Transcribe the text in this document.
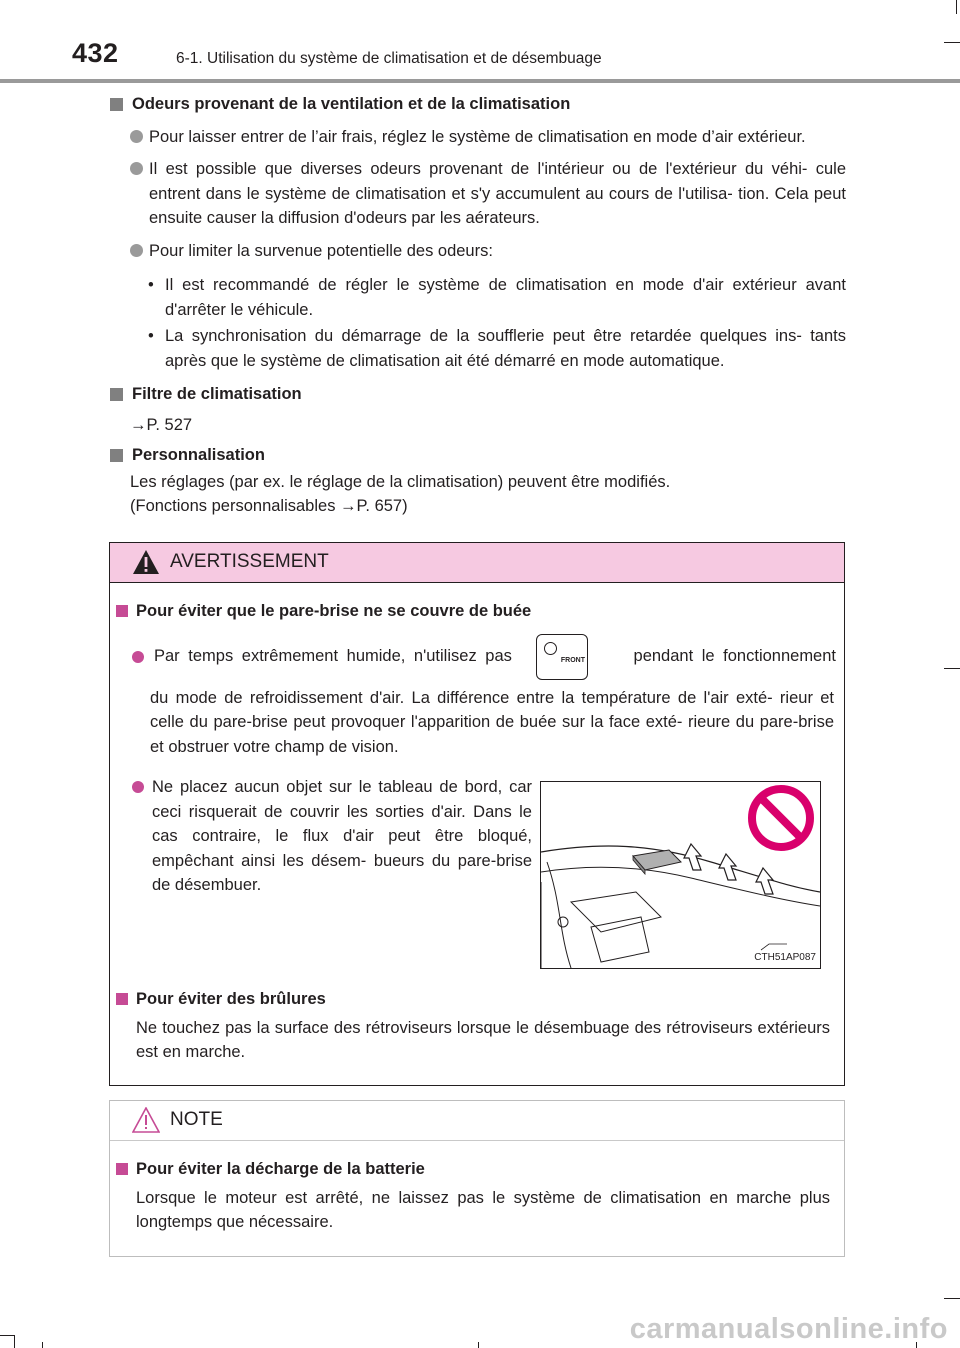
432	6-1. Utilisation du système de climatisation et de désembuage
Odeurs provenant de la ventilation et de la climatisation
Pour laisser entrer de l’air frais, réglez le système de climatisation en mode d’air extérieur.
Il est possible que diverses odeurs provenant de l'intérieur ou de l'extérieur du véhi- cule entrent dans le système de climatisation et s'y accumulent au cours de l'utilisa- tion. Cela peut ensuite causer la diffusion d'odeurs par les aérateurs.
Pour limiter la survenue potentielle des odeurs:
• Il est recommandé de régler le système de climatisation en mode d'air extérieur avant d'arrêter le véhicule.
• La synchronisation du démarrage de la soufflerie peut être retardée quelques ins- tants après que le système de climatisation ait été démarré en mode automatique.
Filtre de climatisation
→P. 527
Personnalisation
Les réglages (par ex. le réglage de la climatisation) peuvent être modifiés.
(Fonctions personnalisables →P. 657)
AVERTISSEMENT
Pour éviter que le pare-brise ne se couvre de buée
Par temps extrêmement humide, n'utilisez pas	FRONT	pendant le fonctionnement
du mode de refroidissement d'air. La différence entre la température de l'air exté- rieur et celle du pare-brise peut provoquer l'apparition de buée sur la face exté- rieure du pare-brise et obstruer votre champ de vision.
Ne placez aucun objet sur le tableau de bord, car ceci risquerait de couvrir les sorties d'air. Dans le cas contraire, le flux d'air peut être bloqué, empêchant ainsi les désem- bueurs du pare-brise de désembuer.
CTH51AP087
Pour éviter des brûlures
Ne touchez pas la surface des rétroviseurs lorsque le désembuage des rétroviseurs extérieurs est en marche.
NOTE
Pour éviter la décharge de la batterie
Lorsque le moteur est arrêté, ne laissez pas le système de climatisation en marche plus longtemps que nécessaire.
carmanualsonline.info
